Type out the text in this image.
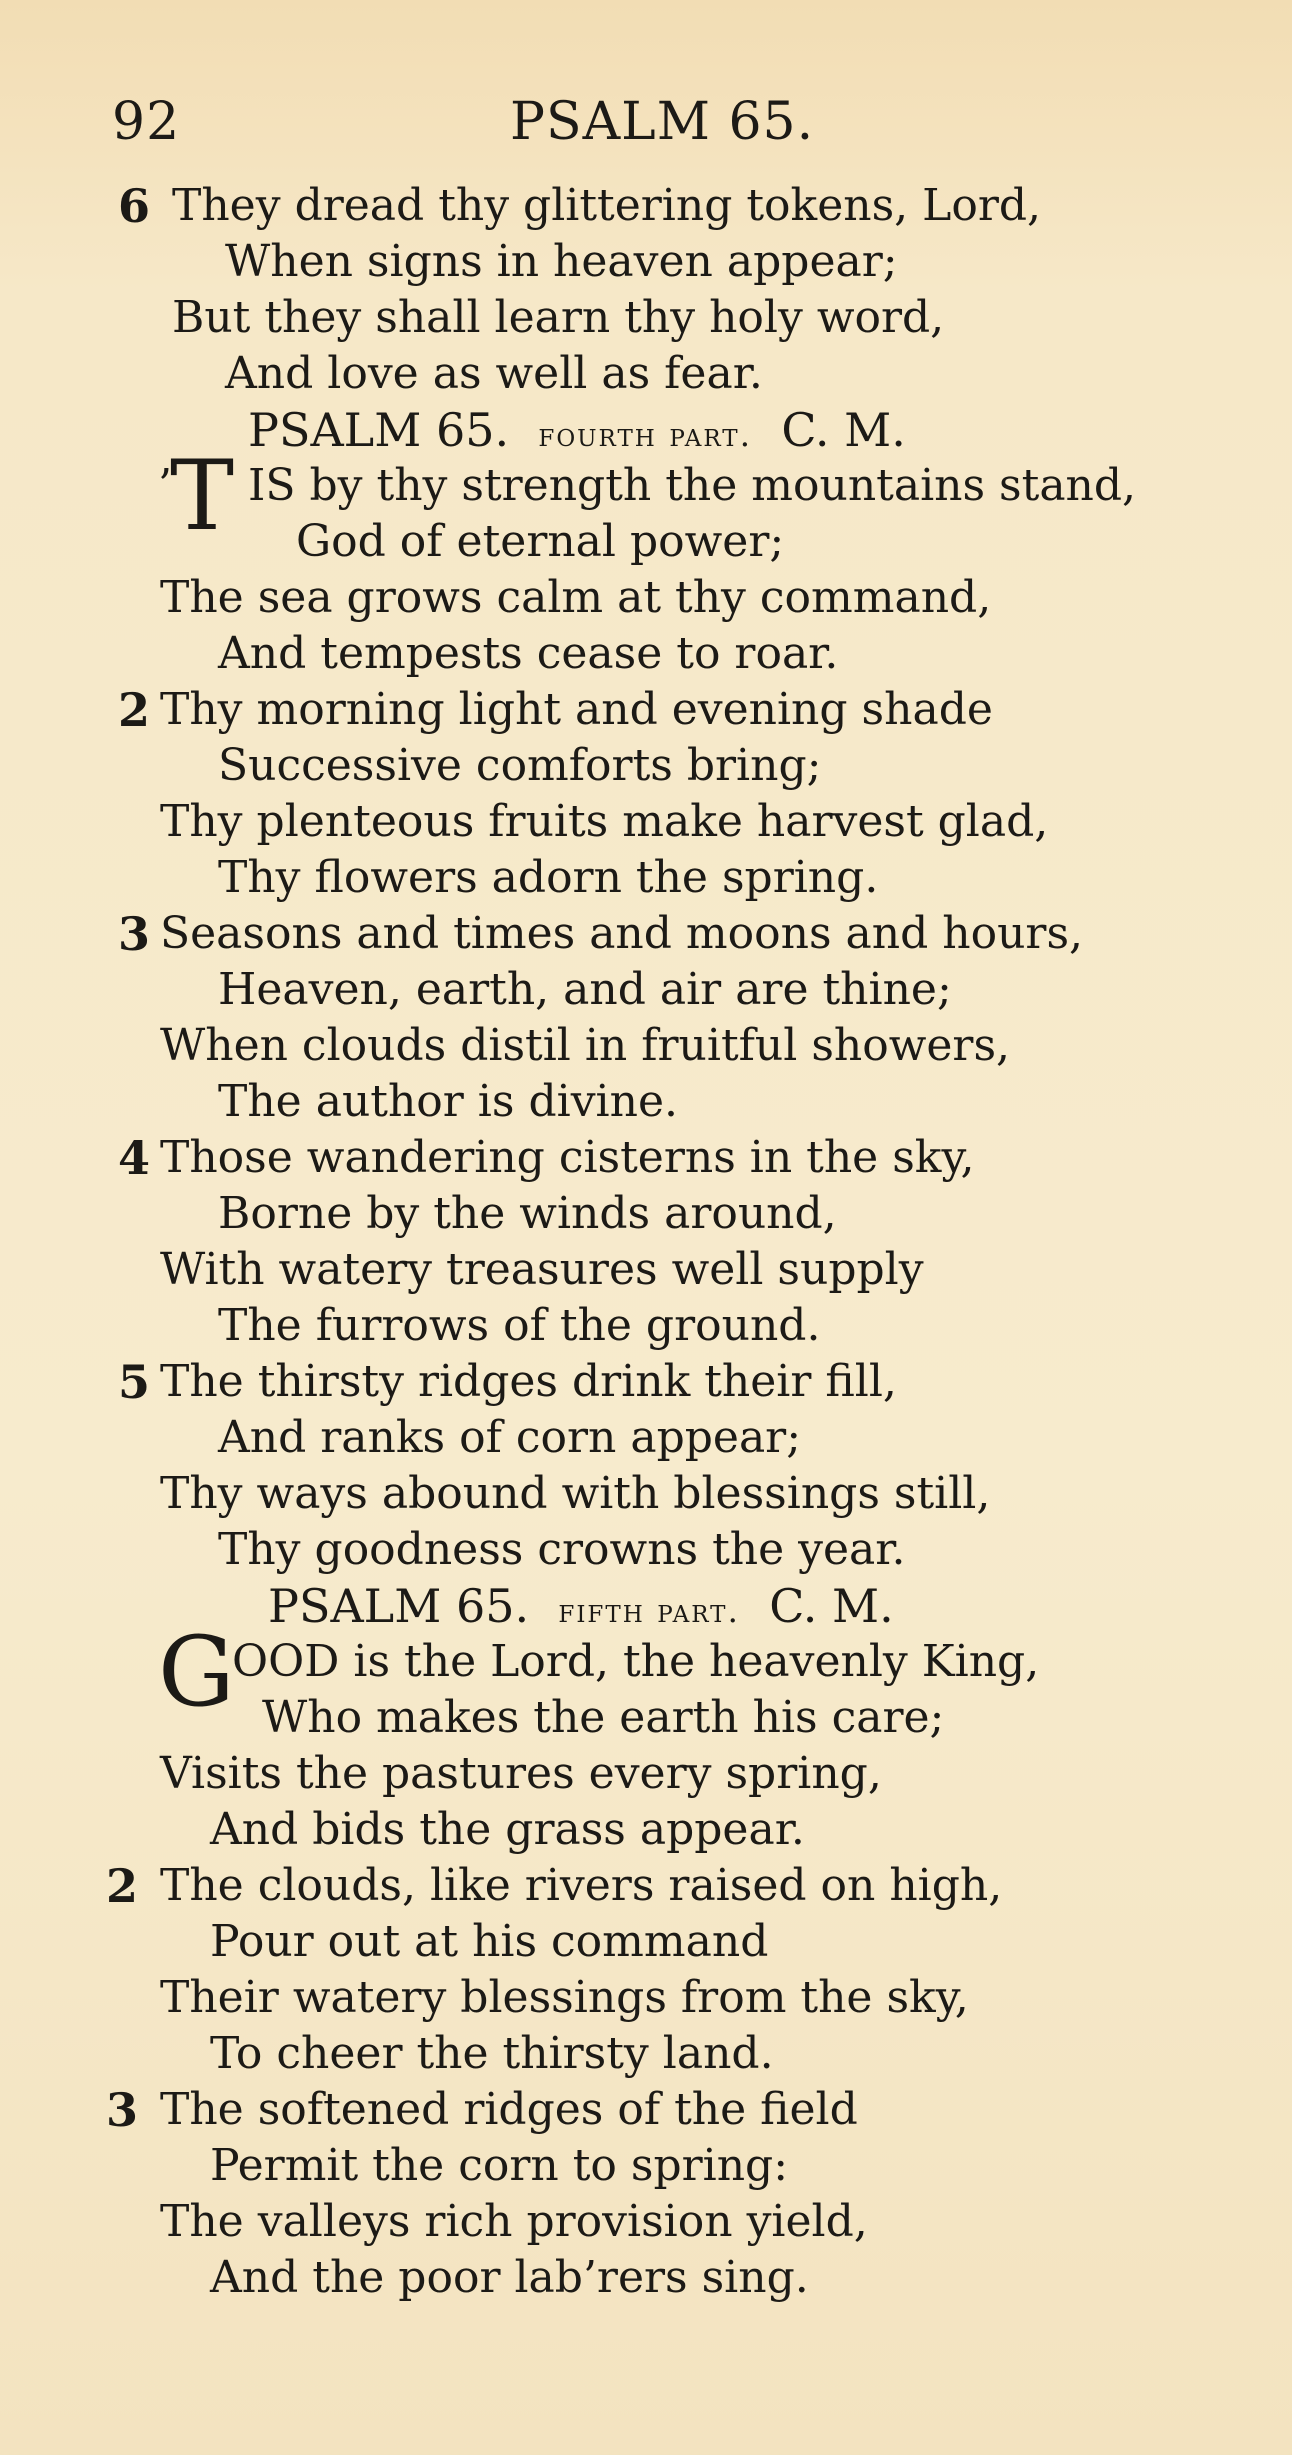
92	PSALM 65.
6 They dread thy glittering tokens, Lord,
When signs in heaven appear;
But they shall learn thy holy word,
And love as well as fear.
PSALM 65. fourth part. C. M.
’
T IS by thy strength the mountains stand,
God of eternal power;
The sea grows calm at thy command,
And tempests cease to roar.
2 Thy morning light and evening shade
Successive comforts bring;
Thy plenteous fruits make harvest glad,
Thy flowers adorn the spring.
3 Seasons and times and moons and hours,
Heaven, earth, and air are thine;
When clouds distil in fruitful showers,
The author is divine.
4 Those wandering cisterns in the sky,
Borne by the winds around,
With watery treasures well supply
The furrows of the ground.
5 The thirsty ridges drink their fill,
And ranks of corn appear;
Thy ways abound with blessings still,
Thy goodness crowns the year.
PSALM 65. fifth part. C. M.
G
OOD is the Lord, the heavenly King,
Who makes the earth his care;
Visits the pastures every spring,
And bids the grass appear.
2 The clouds, like rivers raised on high,
Pour out at his command
Their watery blessings from the sky,
To cheer the thirsty land.
3 The softened ridges of the field
Permit the corn to spring:
The valleys rich provision yield,
And the poor lab’rers sing.
